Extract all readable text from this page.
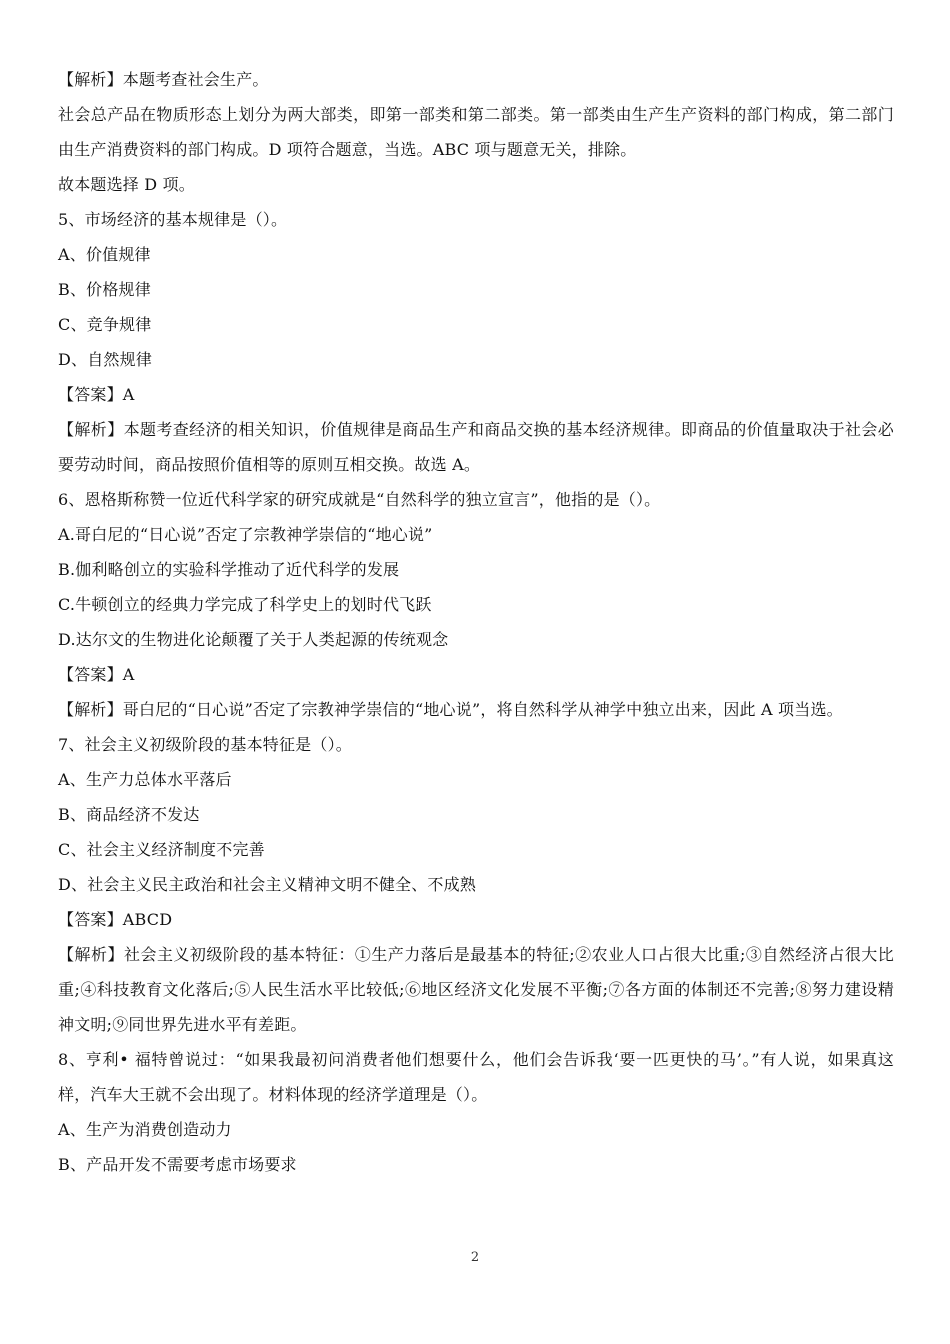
【解析】本题考查社会生产。
社会总产品在物质形态上划分为两大部类，即第一部类和第二部类。第一部类由生产生产资料的部门构成，第二部门由生产消费资料的部门构成。D 项符合题意，当选。ABC 项与题意无关，排除。
故本题选择 D 项。
5、市场经济的基本规律是（）。
A、价值规律
B、价格规律
C、竞争规律
D、自然规律
【答案】A
【解析】本题考查经济的相关知识，价值规律是商品生产和商品交换的基本经济规律。即商品的价值量取决于社会必要劳动时间，商品按照价值相等的原则互相交换。故选 A。
6、恩格斯称赞一位近代科学家的研究成就是“自然科学的独立宣言”，他指的是（）。
A.哥白尼的“日心说”否定了宗教神学崇信的“地心说”
B.伽利略创立的实验科学推动了近代科学的发展
C.牛顿创立的经典力学完成了科学史上的划时代飞跃
D.达尔文的生物进化论颠覆了关于人类起源的传统观念
【答案】A
【解析】哥白尼的“日心说”否定了宗教神学崇信的“地心说”，将自然科学从神学中独立出来，因此 A 项当选。
7、社会主义初级阶段的基本特征是（）。
A、生产力总体水平落后
B、商品经济不发达
C、社会主义经济制度不完善
D、社会主义民主政治和社会主义精神文明不健全、不成熟
【答案】ABCD
【解析】社会主义初级阶段的基本特征：①生产力落后是最基本的特征;②农业人口占很大比重;③自然经济占很大比重;④科技教育文化落后;⑤人民生活水平比较低;⑥地区经济文化发展不平衡;⑦各方面的体制还不完善;⑧努力建设精神文明;⑨同世界先进水平有差距。
8、亨利• 福特曾说过：“如果我最初问消费者他们想要什么，他们会告诉我‘要一匹更快的马’。”有人说，如果真这样，汽车大王就不会出现了。材料体现的经济学道理是（）。
A、生产为消费创造动力
B、产品开发不需要考虑市场要求
2
